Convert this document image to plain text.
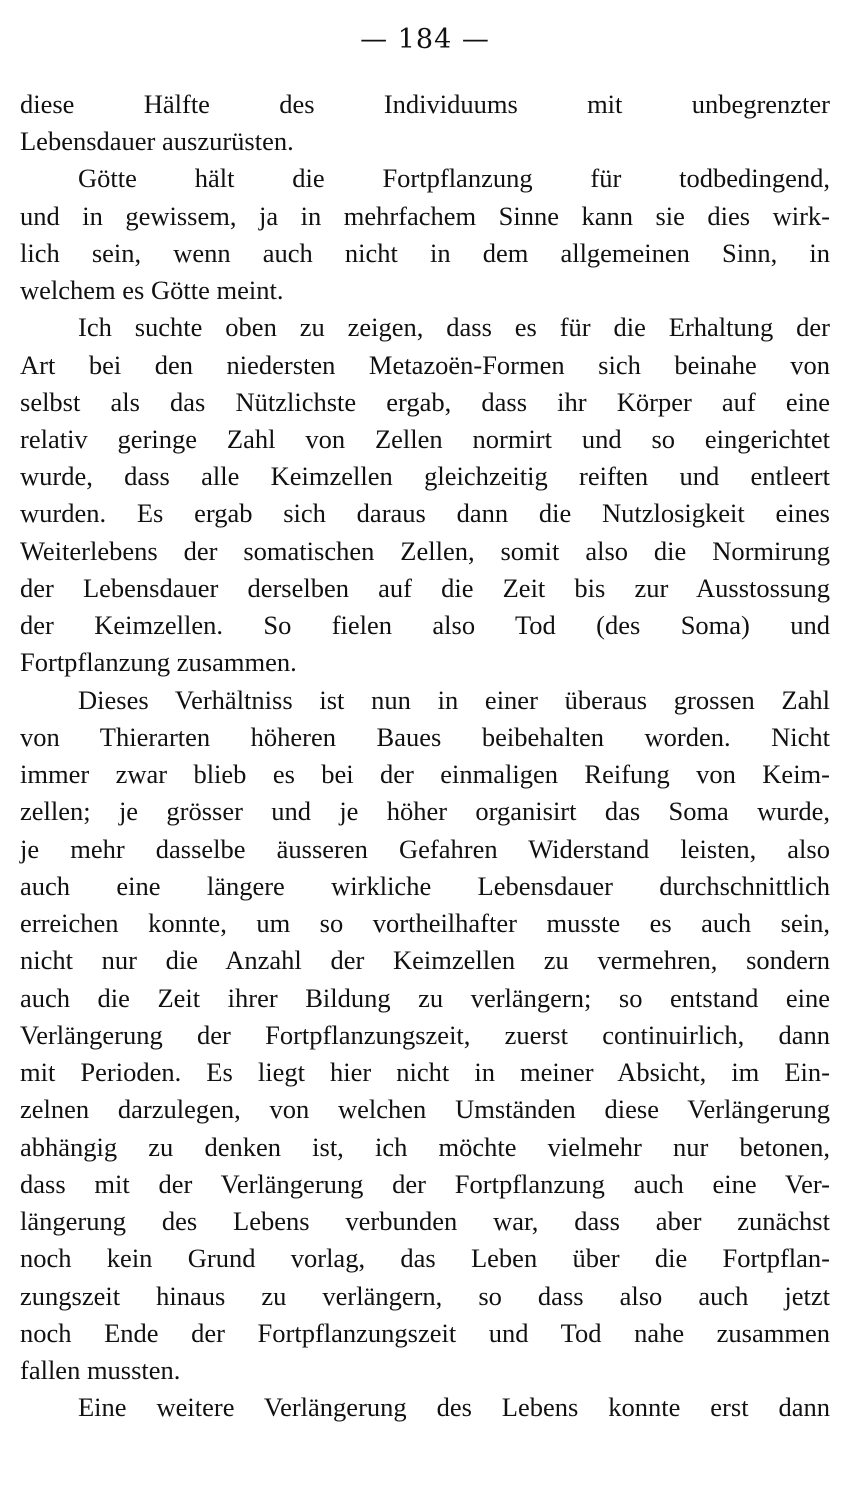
— 184 —
diese Hälfte des Individuums mit unbegrenzter
Lebensdauer auszurüsten.
Götte hält die Fortpflanzung für todbedingend,
und in gewissem, ja in mehrfachem Sinne kann sie dies wirk-
lich sein, wenn auch nicht in dem allgemeinen Sinn, in
welchem es Götte meint.
Ich suchte oben zu zeigen, dass es für die Erhaltung der
Art bei den niedersten Metazoën-Formen sich beinahe von
selbst als das Nützlichste ergab, dass ihr Körper auf eine
relativ geringe Zahl von Zellen normirt und so eingerichtet
wurde, dass alle Keimzellen gleichzeitig reiften und entleert
wurden. Es ergab sich daraus dann die Nutzlosigkeit eines
Weiterlebens der somatischen Zellen, somit also die Normirung
der Lebensdauer derselben auf die Zeit bis zur Ausstossung
der Keimzellen. So fielen also Tod (des Soma) und
Fortpflanzung zusammen.
Dieses Verhältniss ist nun in einer überaus grossen Zahl
von Thierarten höheren Baues beibehalten worden. Nicht
immer zwar blieb es bei der einmaligen Reifung von Keim-
zellen; je grösser und je höher organisirt das Soma wurde,
je mehr dasselbe äusseren Gefahren Widerstand leisten, also
auch eine längere wirkliche Lebensdauer durchschnittlich
erreichen konnte, um so vortheilhafter musste es auch sein,
nicht nur die Anzahl der Keimzellen zu vermehren, sondern
auch die Zeit ihrer Bildung zu verlängern; so entstand eine
Verlängerung der Fortpflanzungszeit, zuerst continuirlich, dann
mit Perioden. Es liegt hier nicht in meiner Absicht, im Ein-
zelnen darzulegen, von welchen Umständen diese Verlängerung
abhängig zu denken ist, ich möchte vielmehr nur betonen,
dass mit der Verlängerung der Fortpflanzung auch eine Ver-
längerung des Lebens verbunden war, dass aber zunächst
noch kein Grund vorlag, das Leben über die Fortpflan-
zungszeit hinaus zu verlängern, so dass also auch jetzt
noch Ende der Fortpflanzungszeit und Tod nahe zusammen
fallen mussten.
Eine weitere Verlängerung des Lebens konnte erst dann
